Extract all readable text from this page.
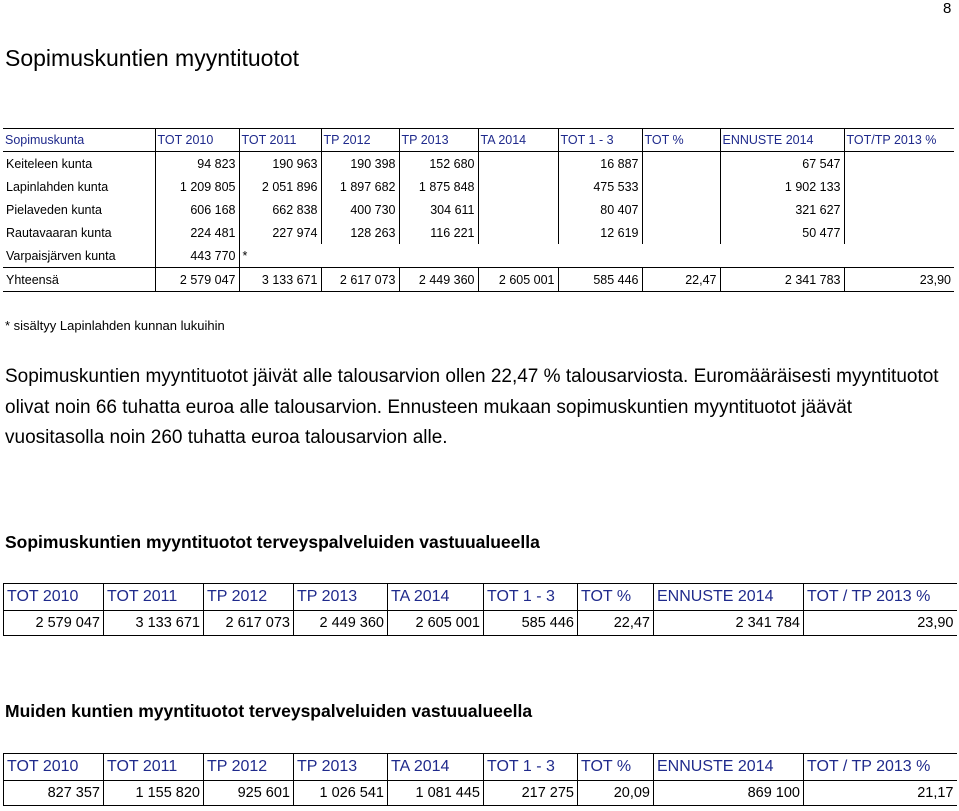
8
Sopimuskuntien myyntituotot
Sopimuskunta	TOT 2010	TOT 2011	TP 2012	TP 2013	TA 2014	TOT 1 - 3	TOT %	ENNUSTE 2014	TOT/TP 2013 %
Keiteleen kunta	94 823	190 963	190 398	152 680		16 887		67 547	
Lapinlahden kunta	1 209 805	2 051 896	1 897 682	1 875 848		475 533		1 902 133	
Pielaveden kunta	606 168	662 838	400 730	304 611		80 407		321 627	
Rautavaaran kunta	224 481	227 974	128 263	116 221		12 619		50 477	
Varpaisjärven kunta	443 770	*							
Yhteensä	2 579 047	3 133 671	2 617 073	2 449 360	2 605 001	585 446	22,47	2 341 783	23,90
* sisältyy Lapinlahden kunnan lukuihin

Sopimuskuntien myyntituotot jäivät alle talousarvion ollen 22,47 % talousarviosta. Euromääräisesti myyntituotot olivat noin 66 tuhatta euroa alle talousarvion. Ennusteen mukaan sopimuskuntien myyntituotot jäävät vuositasolla noin 260 tuhatta euroa talousarvion alle.

Sopimuskuntien myyntituotot terveyspalveluiden vastuualueella
TOT 2010	TOT 2011	TP 2012	TP 2013	TA 2014	TOT 1 - 3	TOT %	ENNUSTE 2014	TOT / TP 2013 %
2 579 047	3 133 671	2 617 073	2 449 360	2 605 001	585 446	22,47	2 341 784	23,90
Muiden kuntien myyntituotot terveyspalveluiden vastuualueella
TOT 2010	TOT 2011	TP 2012	TP 2013	TA 2014	TOT 1 - 3	TOT %	ENNUSTE 2014	TOT / TP 2013 %
827 357	1 155 820	925 601	1 026 541	1 081 445	217 275	20,09	869 100	21,17
